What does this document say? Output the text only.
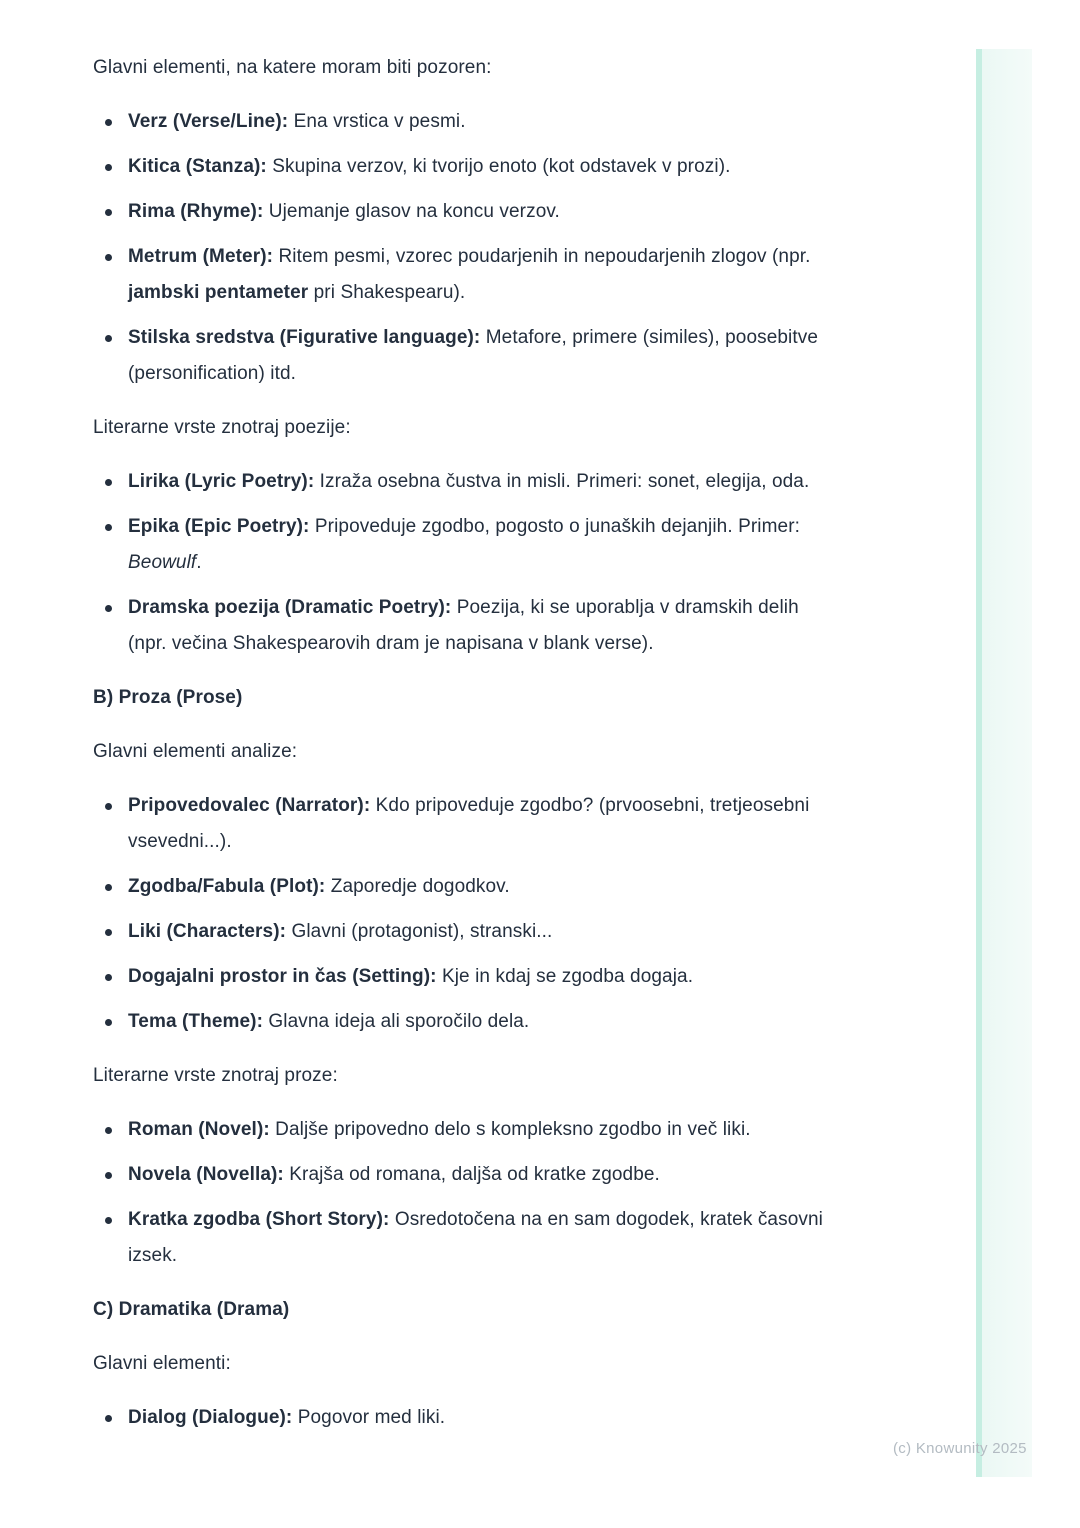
Glavni elementi, na katere moram biti pozoren:

Verz (Verse/Line): Ena vrstica v pesmi.
Kitica (Stanza): Skupina verzov, ki tvorijo enoto (kot odstavek v prozi).
Rima (Rhyme): Ujemanje glasov na koncu verzov.
Metrum (Meter): Ritem pesmi, vzorec poudarjenih in nepoudarjenih zlogov (npr. jambski pentameter pri Shakespearu).
Stilska sredstva (Figurative language): Metafore, primere (similes), poosebitve (personification) itd.

Literarne vrste znotraj poezije:

Lirika (Lyric Poetry): Izraža osebna čustva in misli. Primeri: sonet, elegija, oda.
Epika (Epic Poetry): Pripoveduje zgodbo, pogosto o junaških dejanjih. Primer: Beowulf.
Dramska poezija (Dramatic Poetry): Poezija, ki se uporablja v dramskih delih (npr. večina Shakespearovih dram je napisana v blank verse).
B) Proza (Prose)

Glavni elementi analize:

Pripovedovalec (Narrator): Kdo pripoveduje zgodbo? (prvoosebni, tretjeosebni vsevedni...).
Zgodba/Fabula (Plot): Zaporedje dogodkov.
Liki (Characters): Glavni (protagonist), stranski...
Dogajalni prostor in čas (Setting): Kje in kdaj se zgodba dogaja.
Tema (Theme): Glavna ideja ali sporočilo dela.

Literarne vrste znotraj proze:

Roman (Novel): Daljše pripovedno delo s kompleksno zgodbo in več liki.
Novela (Novella): Krajša od romana, daljša od kratke zgodbe.
Kratka zgodba (Short Story): Osredotočena na en sam dogodek, kratek časovni izsek.
C) Dramatika (Drama)

Glavni elementi:

Dialog (Dialogue): Pogovor med liki.
(c) Knowunity 2025
